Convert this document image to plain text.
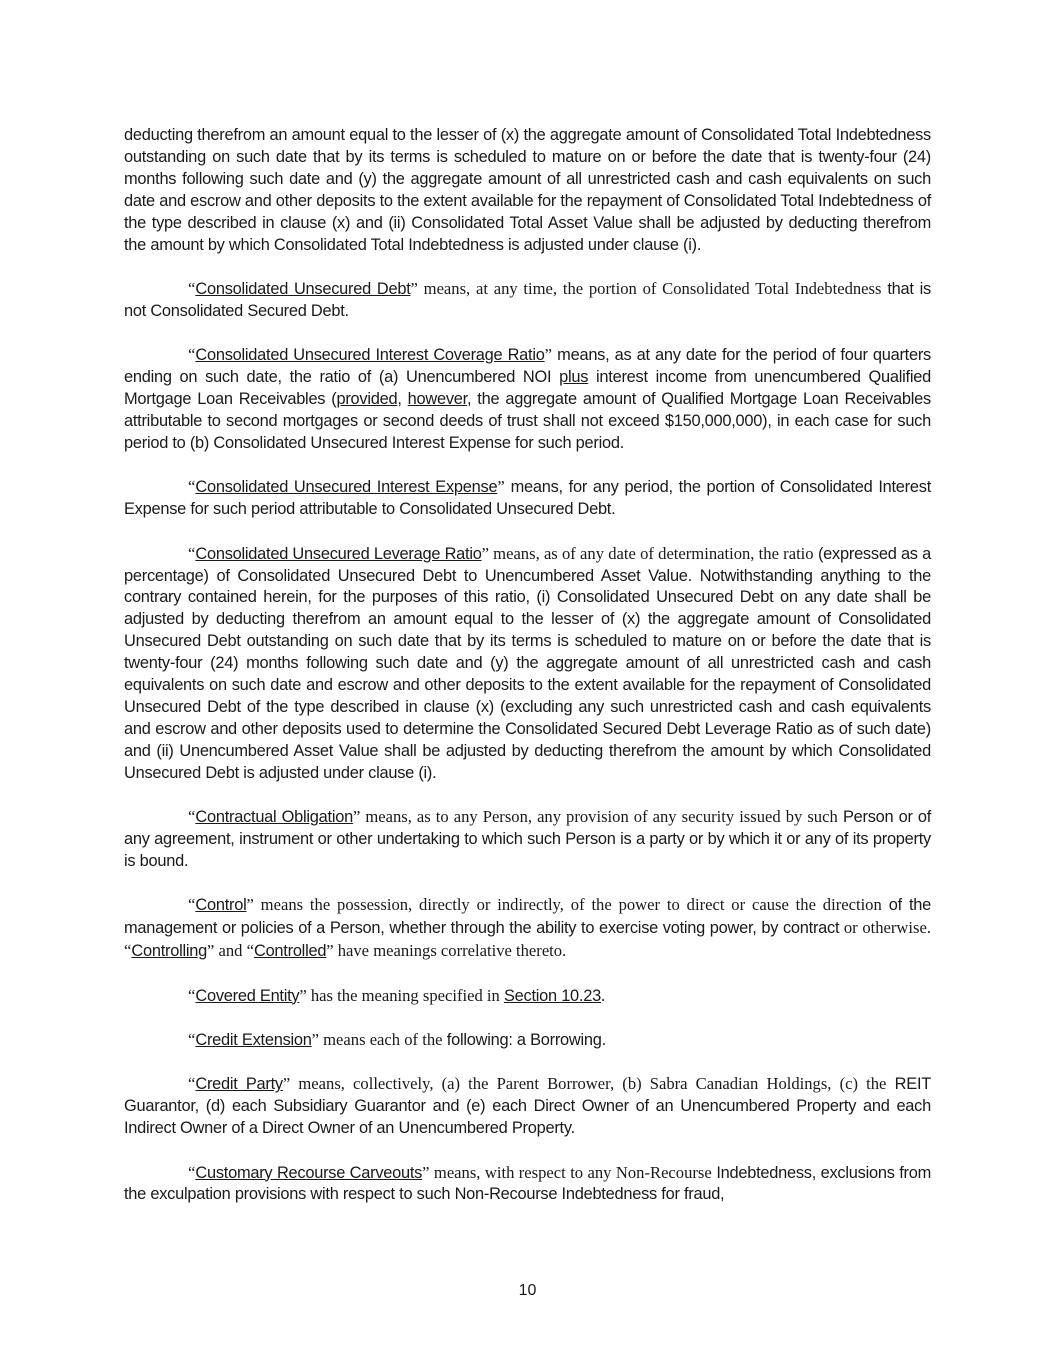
deducting therefrom an amount equal to the lesser of (x) the aggregate amount of Consolidated Total Indebtedness outstanding on such date that by its terms is scheduled to mature on or before the date that is twenty-four (24) months following such date and (y) the aggregate amount of all unrestricted cash and cash equivalents on such date and escrow and other deposits to the extent available for the repayment of Consolidated Total Indebtedness of the type described in clause (x) and (ii) Consolidated Total Asset Value shall be adjusted by deducting therefrom the amount by which Consolidated Total Indebtedness is adjusted under clause (i).

“Consolidated Unsecured Debt” means, at any time, the portion of Consolidated Total Indebtedness that is not Consolidated Secured Debt.

“Consolidated Unsecured Interest Coverage Ratio” means, as at any date for the period of four quarters ending on such date, the ratio of (a) Unencumbered NOI plus interest income from unencumbered Qualified Mortgage Loan Receivables (provided, however, the aggregate amount of Qualified Mortgage Loan Receivables attributable to second mortgages or second deeds of trust shall not exceed $150,000,000), in each case for such period to (b) Consolidated Unsecured Interest Expense for such period.

“Consolidated Unsecured Interest Expense” means, for any period, the portion of Consolidated Interest Expense for such period attributable to Consolidated Unsecured Debt.

“Consolidated Unsecured Leverage Ratio” means, as of any date of determination, the ratio (expressed as a percentage) of Consolidated Unsecured Debt to Unencumbered Asset Value. Notwithstanding anything to the contrary contained herein, for the purposes of this ratio, (i) Consolidated Unsecured Debt on any date shall be adjusted by deducting therefrom an amount equal to the lesser of (x) the aggregate amount of Consolidated Unsecured Debt outstanding on such date that by its terms is scheduled to mature on or before the date that is twenty-four (24) months following such date and (y) the aggregate amount of all unrestricted cash and cash equivalents on such date and escrow and other deposits to the extent available for the repayment of Consolidated Unsecured Debt of the type described in clause (x) (excluding any such unrestricted cash and cash equivalents and escrow and other deposits used to determine the Consolidated Secured Debt Leverage Ratio as of such date) and (ii) Unencumbered Asset Value shall be adjusted by deducting therefrom the amount by which Consolidated Unsecured Debt is adjusted under clause (i).

“Contractual Obligation” means, as to any Person, any provision of any security issued by such Person or of any agreement, instrument or other undertaking to which such Person is a party or by which it or any of its property is bound.

“Control” means the possession, directly or indirectly, of the power to direct or cause the direction of the management or policies of a Person, whether through the ability to exercise voting power, by contract or otherwise. “Controlling” and “Controlled” have meanings correlative thereto.

“Covered Entity” has the meaning specified in Section 10.23.

“Credit Extension” means each of the following: a Borrowing.

“Credit Party” means, collectively, (a) the Parent Borrower, (b) Sabra Canadian Holdings, (c) the REIT Guarantor, (d) each Subsidiary Guarantor and (e) each Direct Owner of an Unencumbered Property and each Indirect Owner of a Direct Owner of an Unencumbered Property.

“Customary Recourse Carveouts” means, with respect to any Non-Recourse Indebtedness, exclusions from the exculpation provisions with respect to such Non-Recourse Indebtedness for fraud,

10
